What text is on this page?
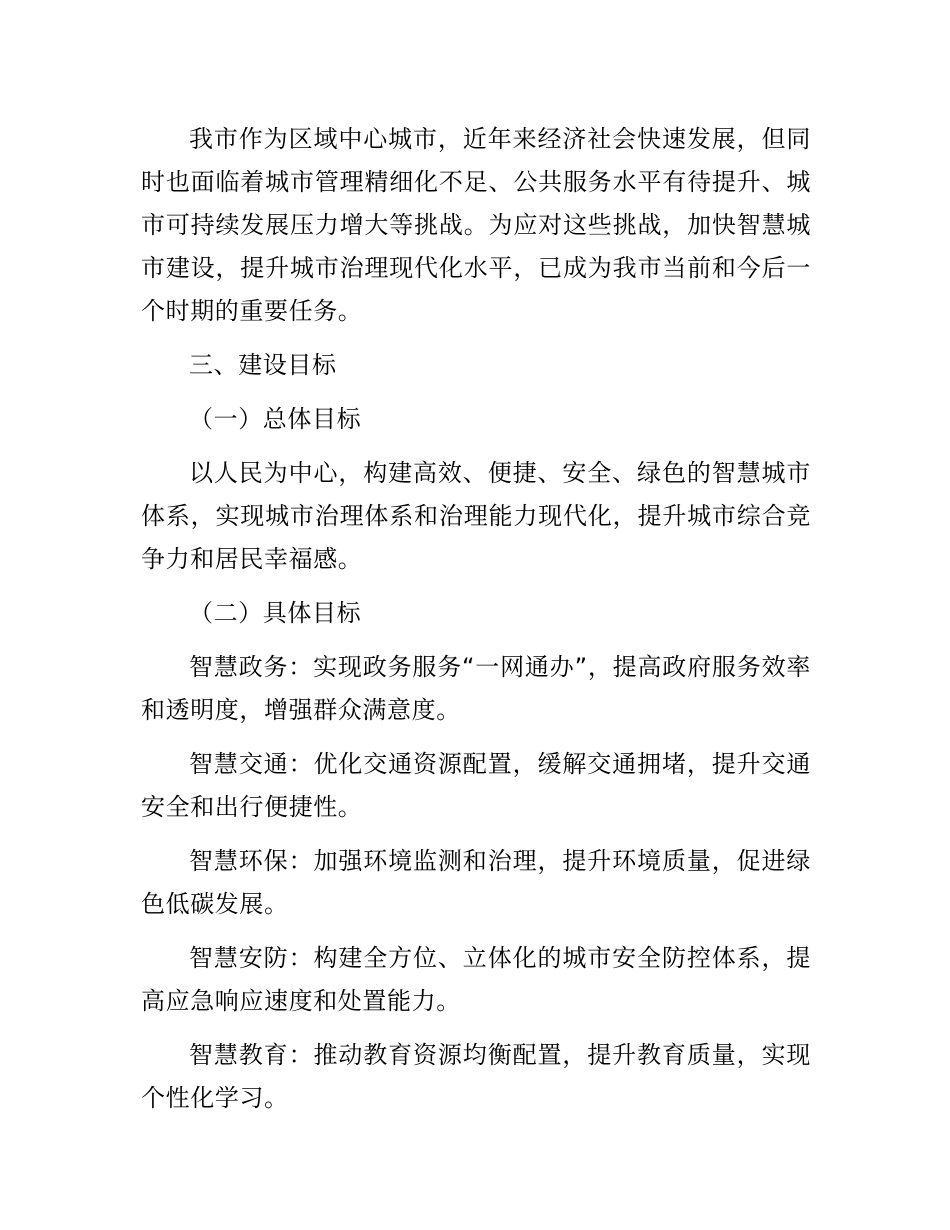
我市作为区域中心城市，近年来经济社会快速发展，但同时也面临着城市管理精细化不足、公共服务水平有待提升、城市可持续发展压力增大等挑战。为应对这些挑战，加快智慧城市建设，提升城市治理现代化水平，已成为我市当前和今后一个时期的重要任务。

三、建设目标

（一）总体目标

以人民为中心，构建高效、便捷、安全、绿色的智慧城市体系，实现城市治理体系和治理能力现代化，提升城市综合竞争力和居民幸福感。

（二）具体目标

智慧政务：实现政务服务“一网通办”，提高政府服务效率和透明度，增强群众满意度。

智慧交通：优化交通资源配置，缓解交通拥堵，提升交通安全和出行便捷性。

智慧环保：加强环境监测和治理，提升环境质量，促进绿色低碳发展。

智慧安防：构建全方位、立体化的城市安全防控体系，提高应急响应速度和处置能力。

智慧教育：推动教育资源均衡配置，提升教育质量，实现个性化学习。
